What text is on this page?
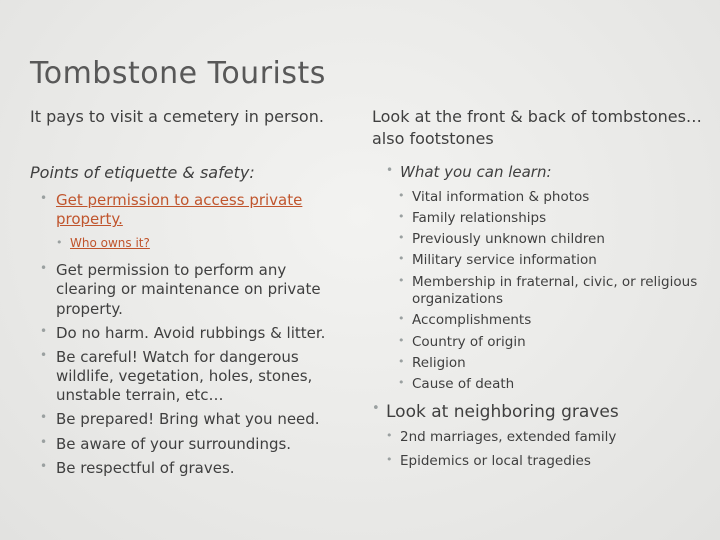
Tombstone Tourists

It pays to visit a cemetery in person.

Points of etiquette & safety:

• Get permission to access private property.
• Who owns it?
• Get permission to perform any clearing or maintenance on private property.
• Do no harm. Avoid rubbings & litter.
• Be careful! Watch for dangerous wildlife, vegetation, holes, stones, unstable terrain, etc…
• Be prepared! Bring what you need.
• Be aware of your surroundings.
• Be respectful of graves.

Look at the front & back of tombstones…also footstones

• What you can learn:
• Vital information & photos
• Family relationships
• Previously unknown children
• Military service information
• Membership in fraternal, civic, or religious organizations
• Accomplishments
• Country of origin
• Religion
• Cause of death
• Look at neighboring graves
• 2nd marriages, extended family
• Epidemics or local tragedies
